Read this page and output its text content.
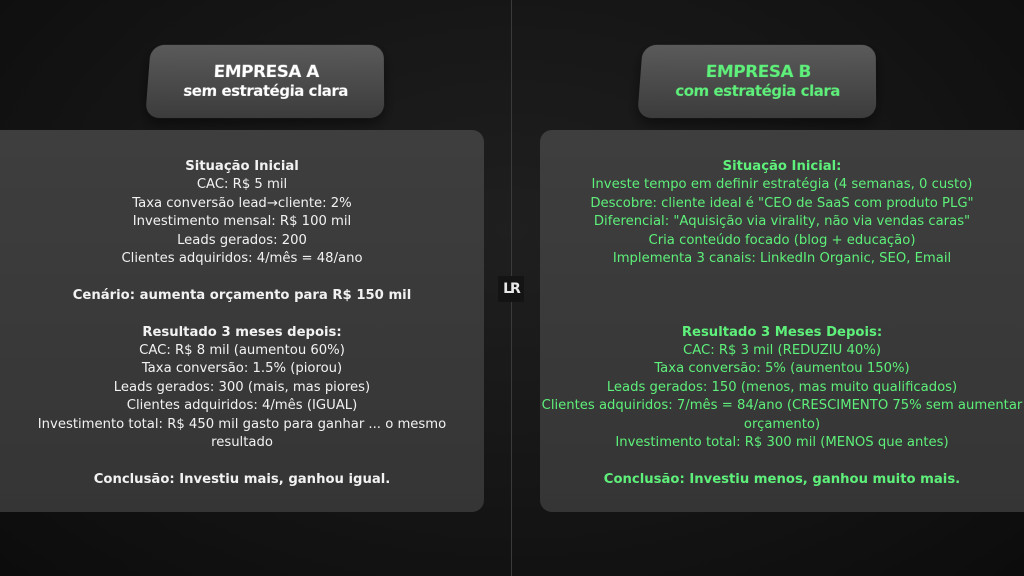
LR
EMPRESA A
sem estratégia clara
EMPRESA B
com estratégia clara

Situação Inicial

CAC: R$ 5 mil

Taxa conversão lead→cliente: 2%

Investimento mensal: R$ 100 mil

Leads gerados: 200

Clientes adquiridos: 4/mês = 48/ano

Cenário: aumenta orçamento para R$ 150 mil

Resultado 3 meses depois:

CAC: R$ 8 mil (aumentou 60%)

Taxa conversão: 1.5% (piorou)

Leads gerados: 300 (mais, mas piores)

Clientes adquiridos: 4/mês (IGUAL)

Investimento total: R$ 450 mil gasto para ganhar ... o mesmo resultado

Conclusão: Investiu mais, ganhou igual.

Situação Inicial:

Investe tempo em definir estratégia (4 semanas, 0 custo)

Descobre: cliente ideal é "CEO de SaaS com produto PLG"

Diferencial: "Aquisição via virality, não via vendas caras"

Cria conteúdo focado (blog + educação)

Implementa 3 canais: LinkedIn Organic, SEO, Email

Resultado 3 Meses Depois:

CAC: R$ 3 mil (REDUZIU 40%)

Taxa conversão: 5% (aumentou 150%)

Leads gerados: 150 (menos, mas muito qualificados)

Clientes adquiridos: 7/mês = 84/ano (CRESCIMENTO 75% sem aumentar orçamento)

Investimento total: R$ 300 mil (MENOS que antes)

Conclusão: Investiu menos, ganhou muito mais.
